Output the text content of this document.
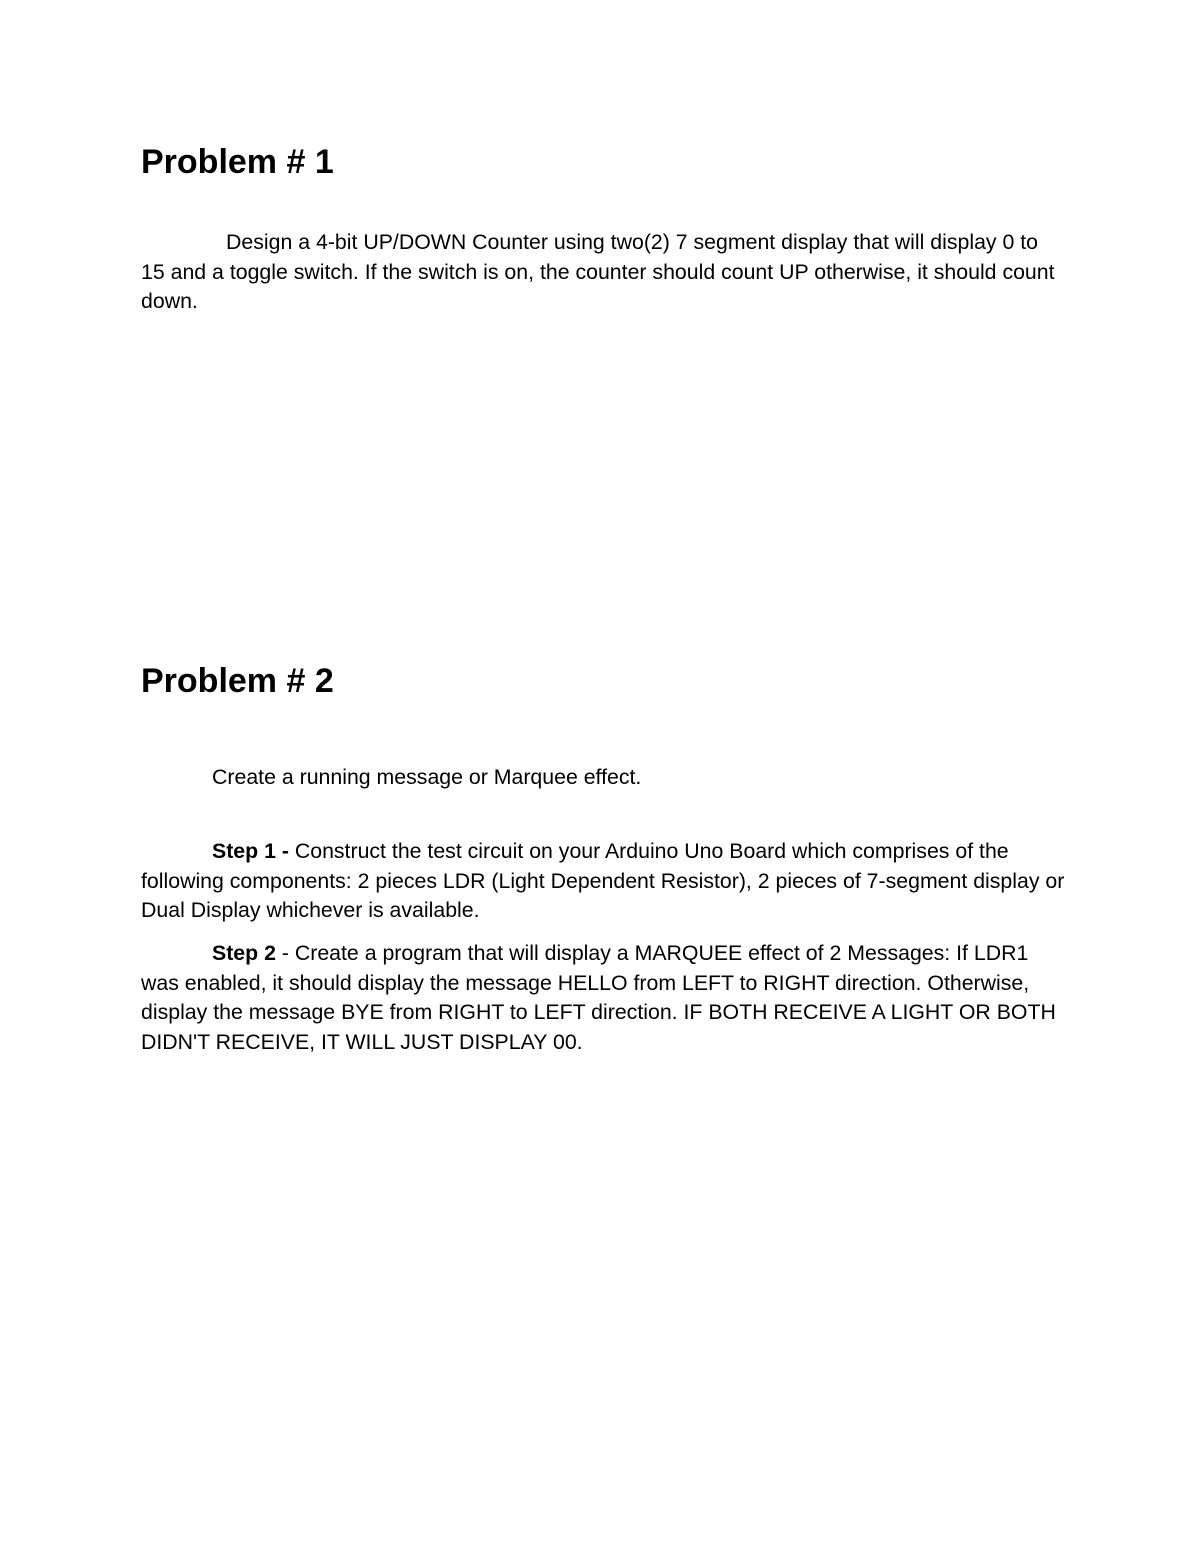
Problem # 1

Design a 4-bit UP/DOWN Counter using two(2) 7 segment display that will display 0 to 15 and a toggle switch. If the switch is on, the counter should count UP otherwise, it should count down.

Problem # 2

Create a running message or Marquee effect.

Step 1 - Construct the test circuit on your Arduino Uno Board which comprises of the following components: 2 pieces LDR (Light Dependent Resistor), 2 pieces of 7-segment display or Dual Display whichever is available.

Step 2 - Create a program that will display a MARQUEE effect of 2 Messages: If LDR1 was enabled, it should display the message HELLO from LEFT to RIGHT direction. Otherwise, display the message BYE from RIGHT to LEFT direction. IF BOTH RECEIVE A LIGHT OR BOTH DIDN'T RECEIVE, IT WILL JUST DISPLAY 00.
